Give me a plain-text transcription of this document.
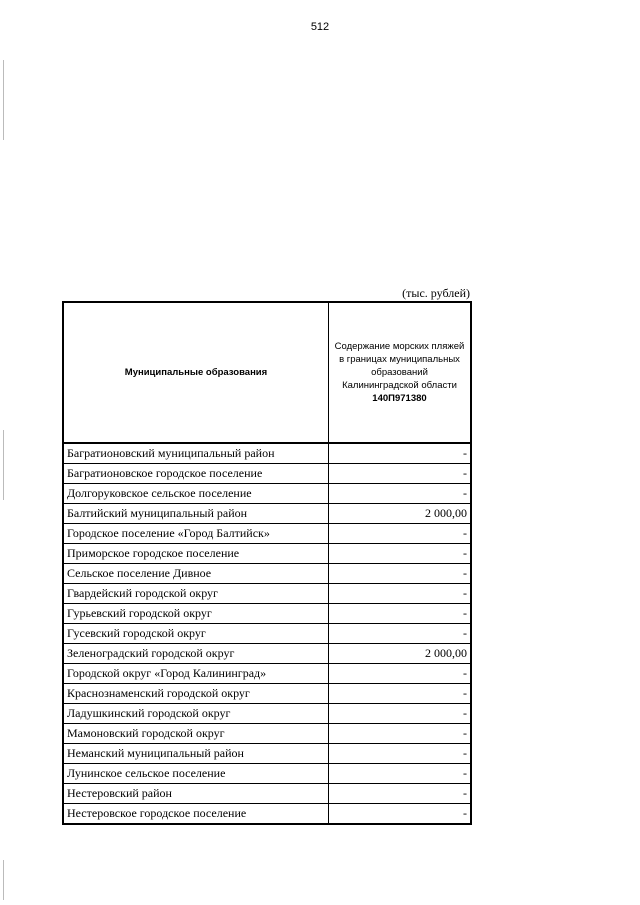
512
(тыс. рублей)
Муниципальные образования	Содержание морских пляжей в границах муниципальных образований Калининградской области
140П971380

Багратионовский муниципальный район	-
Багратионовское городское поселение	-
Долгоруковское сельское поселение	-
Балтийский муниципальный район	2 000,00
Городское поселение «Город Балтийск»	-
Приморское городское поселение	-
Сельское поселение Дивное	-
Гвардейский городской округ	-
Гурьевский городской округ	-
Гусевский городской округ	-
Зеленоградский городской округ	2 000,00
Городской округ «Город Калининград»	-
Краснознаменский городской округ	-
Ладушкинский городской округ	-
Мамоновский городской округ	-
Неманский муниципальный район	-
Лунинское сельское поселение	-
Нестеровский район	-
Нестеровское городское поселение	-
